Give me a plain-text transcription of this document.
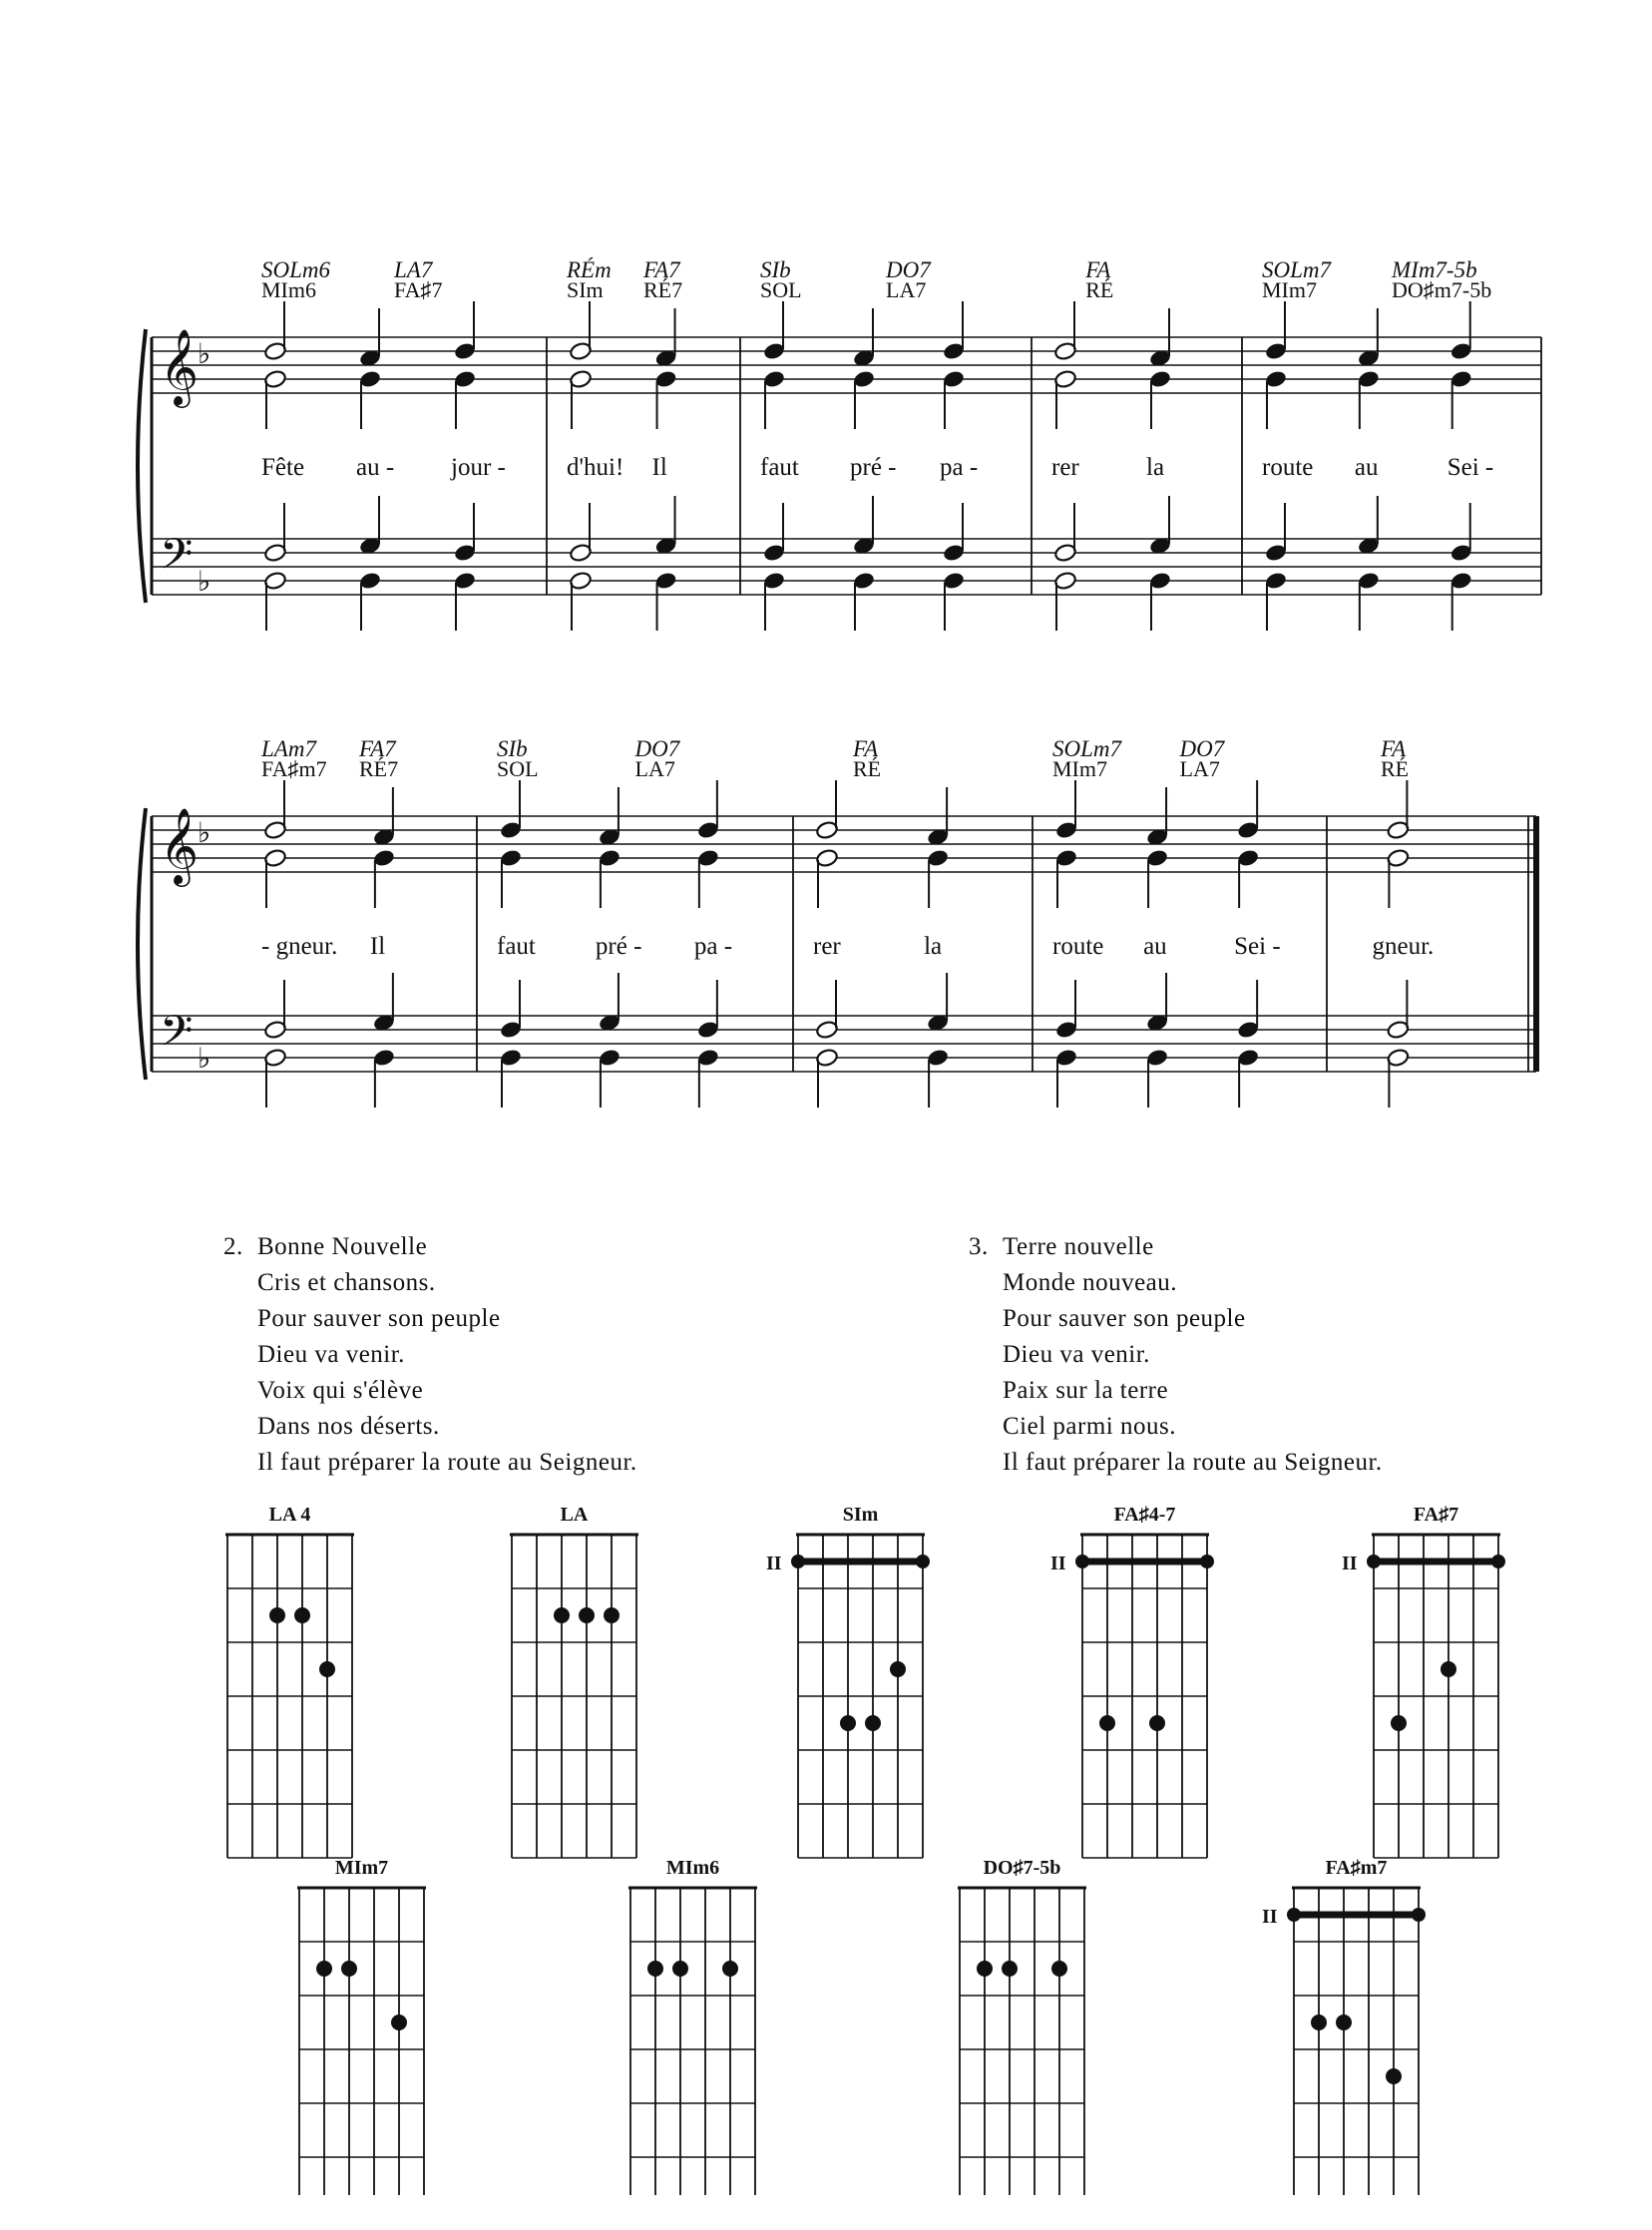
𝄞
♭
𝄢 ♭
SOLm6	LA7
MIm6	FA♯7
Fête au - jour -
RÉm FA7
SIm RÉ7
d'hui! Il
SIb	DO7
SOL	LA7
faut pré - pa -
FA
RÉ
rer	la
SOLm7	MIm7-5b
MIm7	DO♯m7-5b
route au	Sei -
𝄞
♭
𝄢 ♭
LAm7 FA7
FA♯m7 RÉ7
- gneur. Il
SIb	DO7
SOL	LA7
faut pré - pa -
FA
RÉ
rer	la
SOLm7	DO7
MIm7	LA7
route au	Sei -
FA
RÉ
gneur.
2. Bonne Nouvelle
Cris et chansons.
Pour sauver son peuple
Dieu va venir.
Voix qui s'élève
Dans nos déserts.
Il faut préparer la route au Seigneur.
3. Terre nouvelle
Monde nouveau.
Pour sauver son peuple
Dieu va venir.
Paix sur la terre
Ciel parmi nous.
Il faut préparer la route au Seigneur.
LA 4	LA	SIm
II
FA♯4-7
II
FA♯7
II
MIm7	MIm6	DO♯7-5b	FA♯m7
II
